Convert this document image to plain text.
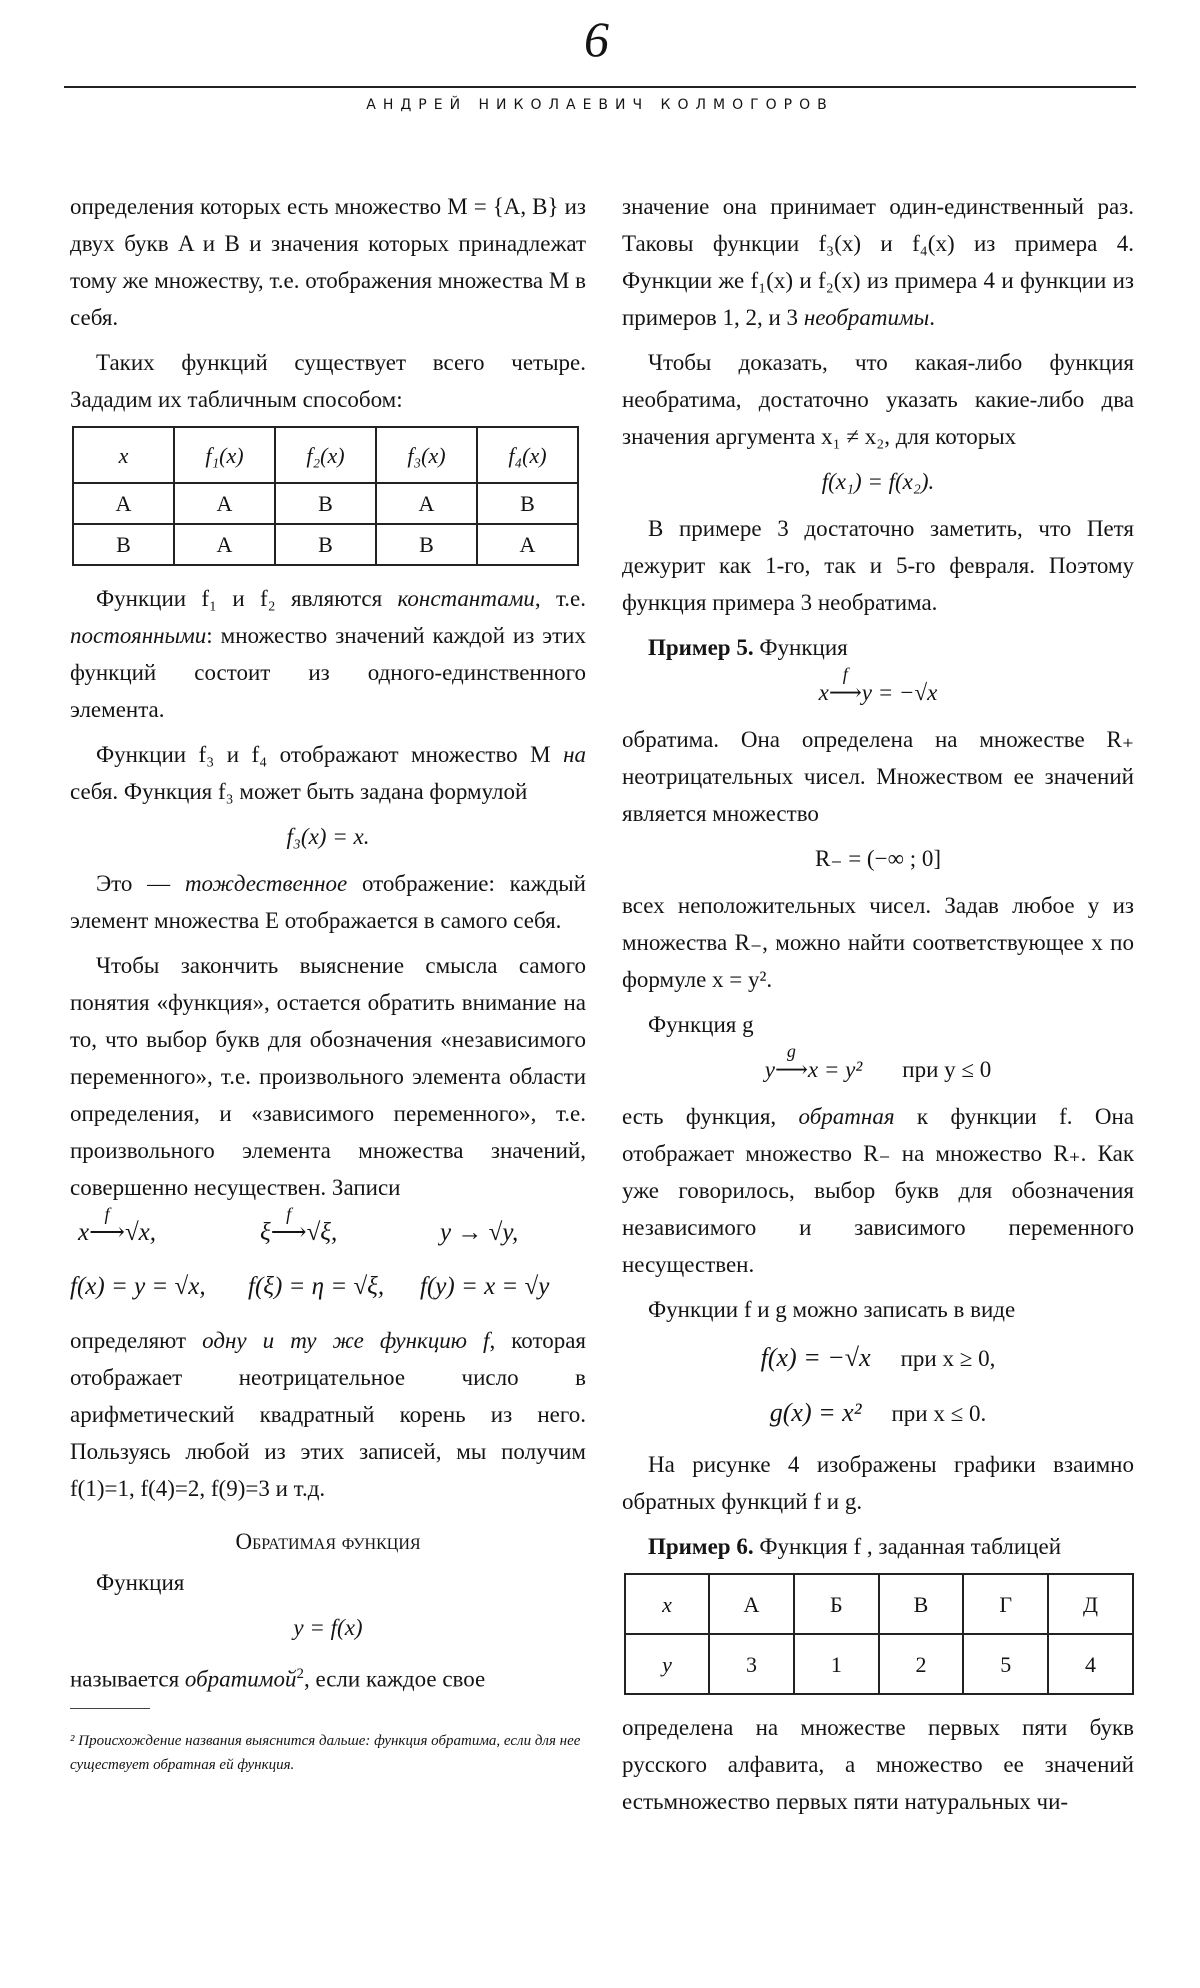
6
АНДРЕЙ НИКОЛАЕВИЧ КОЛМОГОРОВ

определения которых есть множество M = {A, B} из двух букв A и B и значения которых принадлежат тому же множеству, т.е. отображения множества M в себя.

Таких функций существует всего четыре. Зададим их табличным способом:

x	f₁(x)	f₂(x)	f₃(x)	f₄(x)
A	A	B	A	B
B	A	B	B	A

Функции f₁ и f₂ являются константами, т.е. постоянными: множество значений каждой из этих функций состоит из одного-единственного элемента.

Функции f₃ и f₄ отображают множество M на себя. Функция f₃ может быть задана формулой

f₃(x) = x.

Это — тождественное отображение: каждый элемент множества E отображается в самого себя.

Чтобы закончить выяснение смысла самого понятия «функция», остается обратить внимание на то, что выбор букв для обозначения «независимого переменного», т.е. произвольного элемента области определения, и «зависимого переменного», т.е. произвольного элемента множества значений, совершенно несуществен. Записи

x
f
⟶√x,	ξ
f
⟶√ξ,	y → √y,
f(x) = y = √x, f(ξ) = η = √ξ, f(y) = x = √y

определяют одну и ту же функцию f, которая отображает неотрицательное число в арифметический квадратный корень из него. Пользуясь любой из этих записей, мы получим f(1)=1, f(4)=2, f(9)=3 и т.д.

Обратимая функция

Функция

y = f(x)

называется обратимой$^2$, если каждое свое

² Происхождение названия выяснится дальше: функция обратима, если для нее существует обратная ей функция.

значение она принимает один-единственный раз. Таковы функции f₃(x) и f₄(x) из примера 4. Функции же f₁(x) и f₂(x) из примера 4 и функции из примеров 1, 2, и 3 необратимы.

Чтобы доказать, что какая-либо функция необратима, достаточно указать какие-либо два значения аргумента x₁ ≠ x₂, для которых

f(x₁) = f(x₂).

В примере 3 достаточно заметить, что Петя дежурит как 1-го, так и 5-го февраля. Поэтому функция примера 3 необратима.

Пример 5. Функция

x
f
⟶y = −√x

обратима. Она определена на множестве R₊ неотрицательных чисел. Множеством ее значений является множество

R₋ = (−∞ ; 0]

всех неположительных чисел. Задав любое y из множества R₋, можно найти соответствующее x по формуле x = y².

Функция g

y
g
⟶x = y² при y ≤ 0

есть функция, обратная к функции f. Она отображает множество R₋ на множество R₊. Как уже говорилось, выбор букв для обозначения независимого и зависимого переменного несуществен.

Функции f и g можно записать в виде

f(x) = −√x при x ≥ 0,
g(x) = x² при x ≤ 0.

На рисунке 4 изображены графики взаимно обратных функций f и g.

Пример 6. Функция f , заданная таблицей

x	А	Б	В	Г	Д
y	3	1	2	5	4

определена на множестве первых пяти букв русского алфавита, а множество ее значений естьмножество первых пяти натуральных чи-
